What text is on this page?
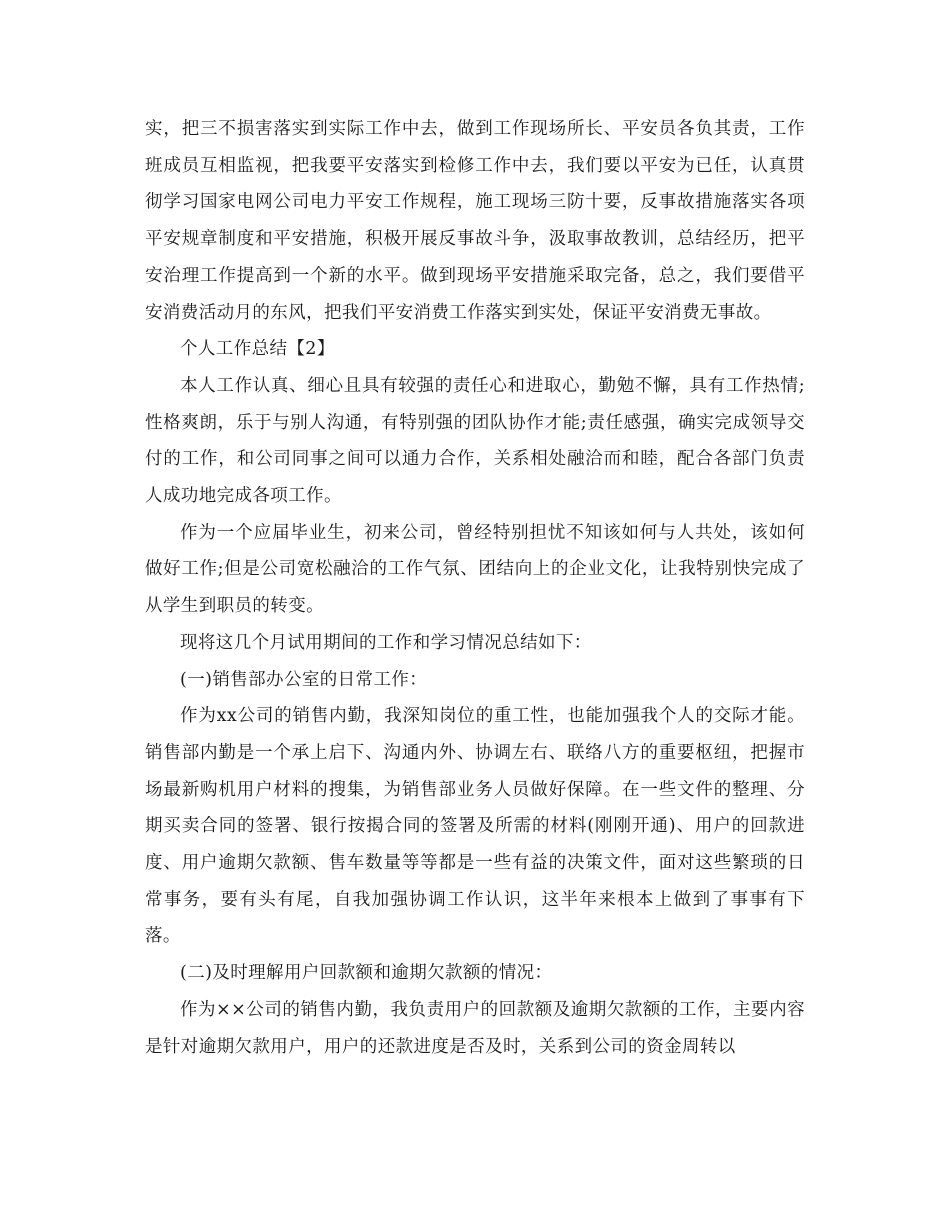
实，把三不损害落实到实际工作中去，做到工作现场所长、平安员各负其责，工作班成员互相监视，把我要平安落实到检修工作中去，我们要以平安为已任，认真贯彻学习国家电网公司电力平安工作规程，施工现场三防十要，反事故措施落实各项平安规章制度和平安措施，积极开展反事故斗争，汲取事故教训，总结经历，把平安治理工作提高到一个新的水平。做到现场平安措施采取完备，总之，我们要借平安消费活动月的东风，把我们平安消费工作落实到实处，保证平安消费无事故。

个人工作总结【2】

本人工作认真、细心且具有较强的责任心和进取心，勤勉不懈，具有工作热情;性格爽朗，乐于与别人沟通，有特别强的团队协作才能;责任感强，确实完成领导交付的工作，和公司同事之间可以通力合作，关系相处融洽而和睦，配合各部门负责人成功地完成各项工作。

作为一个应届毕业生，初来公司，曾经特别担忧不知该如何与人共处，该如何做好工作;但是公司宽松融洽的工作气氛、团结向上的企业文化，让我特别快完成了从学生到职员的转变。

现将这几个月试用期间的工作和学习情况总结如下：

(一)销售部办公室的日常工作：

作为xx公司的销售内勤，我深知岗位的重工性，也能加强我个人的交际才能。销售部内勤是一个承上启下、沟通内外、协调左右、联络八方的重要枢纽，把握市场最新购机用户材料的搜集，为销售部业务人员做好保障。在一些文件的整理、分期买卖合同的签署、银行按揭合同的签署及所需的材料(刚刚开通)、用户的回款进度、用户逾期欠款额、售车数量等等都是一些有益的决策文件，面对这些繁琐的日常事务，要有头有尾，自我加强协调工作认识，这半年来根本上做到了事事有下落。

(二)及时理解用户回款额和逾期欠款额的情况：

作为××公司的销售内勤，我负责用户的回款额及逾期欠款额的工作，主要内容是针对逾期欠款用户，用户的还款进度是否及时，关系到公司的资金周转以
